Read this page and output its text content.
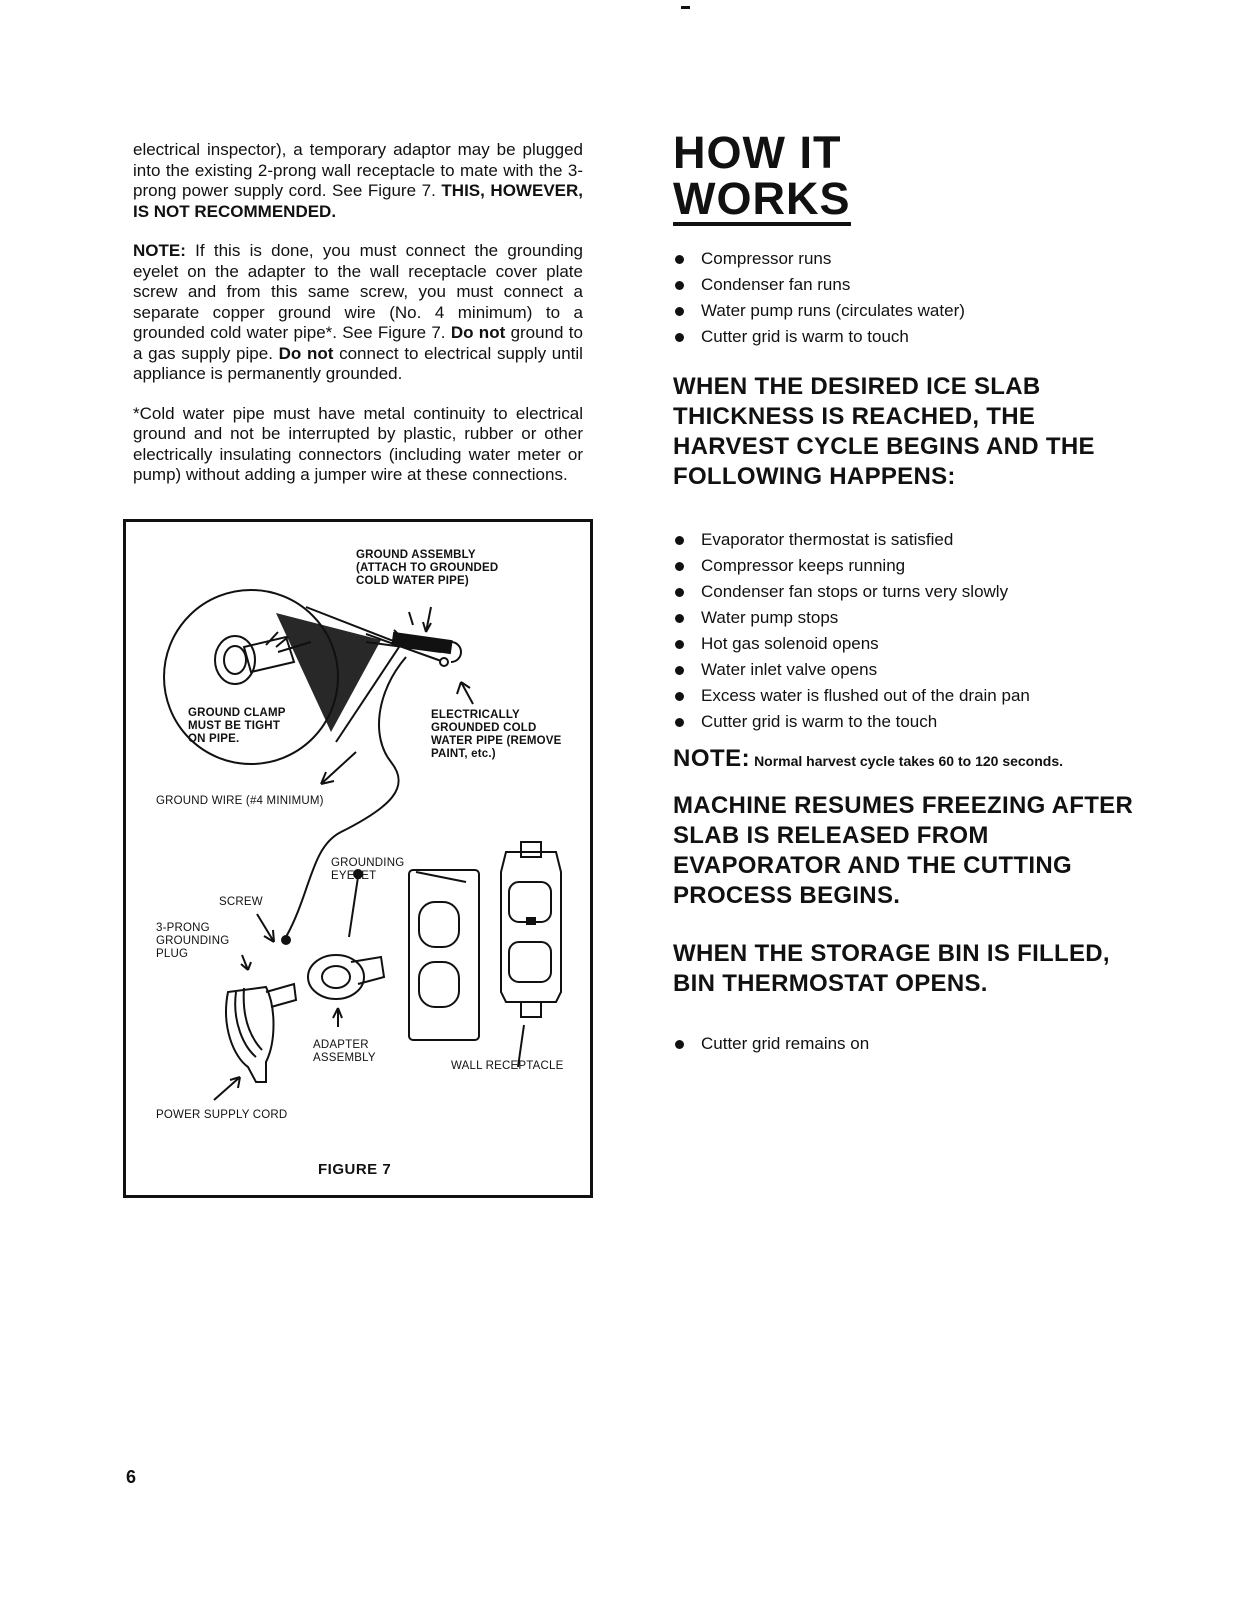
electrical inspector), a temporary adaptor may be plugged into the existing 2-prong wall receptacle to mate with the 3-prong power supply cord. See Figure 7. THIS, HOWEVER, IS NOT RECOMMENDED.

NOTE: If this is done, you must connect the grounding eyelet on the adapter to the wall receptacle cover plate screw and from this same screw, you must connect a separate copper ground wire (No. 4 minimum) to a grounded cold water pipe*. See Figure 7. Do not ground to a gas supply pipe. Do not connect to electrical supply until appliance is permanently grounded.

*Cold water pipe must have metal continuity to electrical ground and not be interrupted by plastic, rubber or other electrically insulating connectors (including water meter or pump) without adding a jumper wire at these connections.

GROUND ASSEMBLY
(ATTACH TO GROUNDED
COLD WATER PIPE)
GROUND CLAMP
MUST BE TIGHT
ON PIPE.
ELECTRICALLY
GROUNDED COLD
WATER PIPE (REMOVE
PAINT, etc.)
GROUND WIRE (#4 MINIMUM)
GROUNDING
EYELET
SCREW
3-PRONG
GROUNDING
PLUG
ADAPTER
ASSEMBLY
WALL RECEPTACLE
POWER SUPPLY CORD
FIGURE 7
HOW IT
WORKS
Compressor runs
Condenser fan runs
Water pump runs (circulates water)
Cutter grid is warm to touch
WHEN THE DESIRED ICE SLAB THICKNESS IS REACHED, THE HARVEST CYCLE BEGINS AND THE FOLLOWING HAPPENS:
Evaporator thermostat is satisfied
Compressor keeps running
Condenser fan stops or turns very slowly
Water pump stops
Hot gas solenoid opens
Water inlet valve opens
Excess water is flushed out of the drain pan
Cutter grid is warm to the touch
NOTE: Normal harvest cycle takes 60 to 120 seconds.
MACHINE RESUMES FREEZING AFTER SLAB IS RELEASED FROM EVAPORATOR AND THE CUTTING PROCESS BEGINS.
WHEN THE STORAGE BIN IS FILLED, BIN THERMOSTAT OPENS.
Cutter grid remains on
6
